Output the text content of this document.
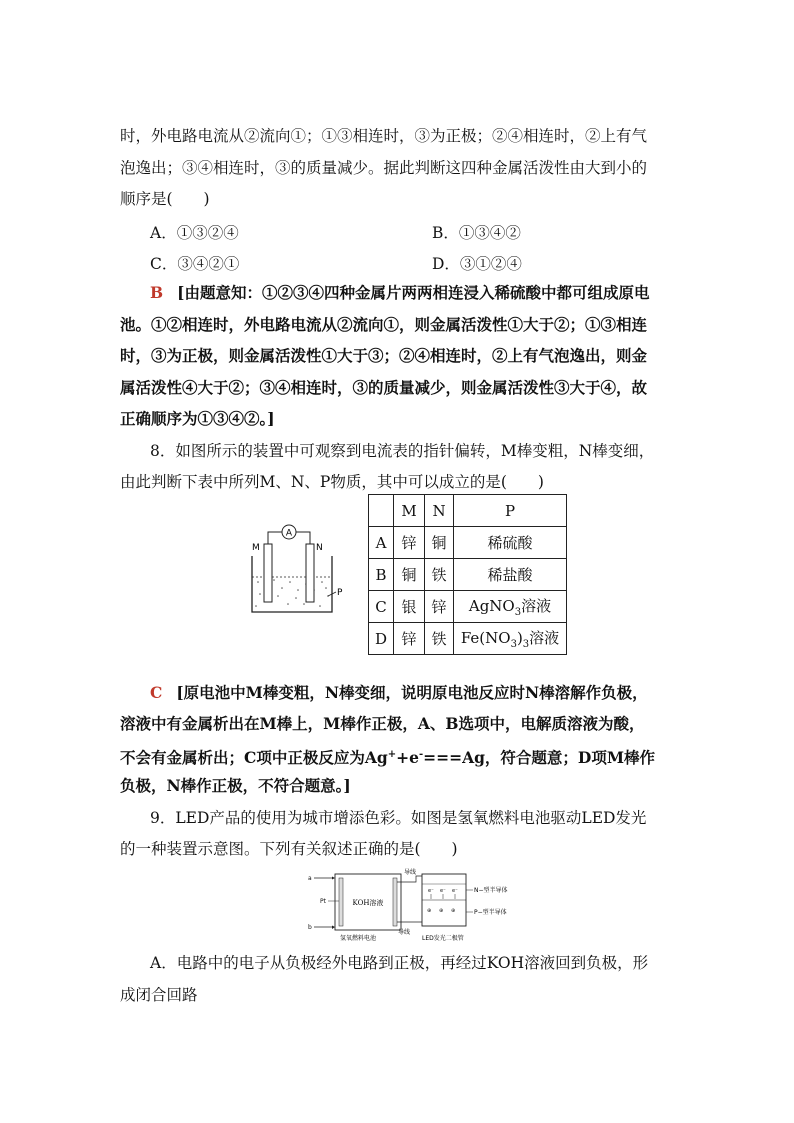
时，外电路电流从②流向①；①③相连时，③为正极；②④相连时，②上有气
泡逸出；③④相连时，③的质量减少。据此判断这四种金属活泼性由大到小的
顺序是(　　)
A．①③②④	B．①③④②
C．③④②①	D．③①②④
B [由题意知：①②③④四种金属片两两相连浸入稀硫酸中都可组成原电
池。①②相连时，外电路电流从②流向①，则金属活泼性①大于②；①③相连
时，③为正极，则金属活泼性①大于③；②④相连时，②上有气泡逸出，则金
属活泼性④大于②；③④相连时，③的质量减少，则金属活泼性③大于④，故
正确顺序为①③④②。]
8．如图所示的装置中可观察到电流表的指针偏转，M棒变粗，N棒变细，
由此判断下表中所列M、N、P物质，其中可以成立的是(　　)
A
M	N
P
	M	N	P
A	锌	铜	稀硫酸
B	铜	铁	稀盐酸
C	银	锌	AgNO$_3$溶液
D	锌	铁	$Fe(NO_3)_3$溶液
C [原电池中M棒变粗，N棒变细，说明原电池反应时N棒溶解作负极，
溶液中有金属析出在M棒上，M棒作正极，A、B选项中，电解质溶液为酸，
不会有金属析出；C项中正极反应为Ag++e-===Ag，符合题意；D项M棒作
负极，N棒作正极，不符合题意。]
9．LED产品的使用为城市增添色彩。如图是氢氧燃料电池驱动LED发光
的一种装置示意图。下列有关叙述正确的是(　　)
a
b
Pt	KOH溶液
导线
导线
e⁻ e⁻ e⁻
⊕ ⊕ ⊕
N−型半导体
P−型半导体
氢氧燃料电池	LED发光二极管
A．电路中的电子从负极经外电路到正极，再经过KOH溶液回到负极，形
成闭合回路
